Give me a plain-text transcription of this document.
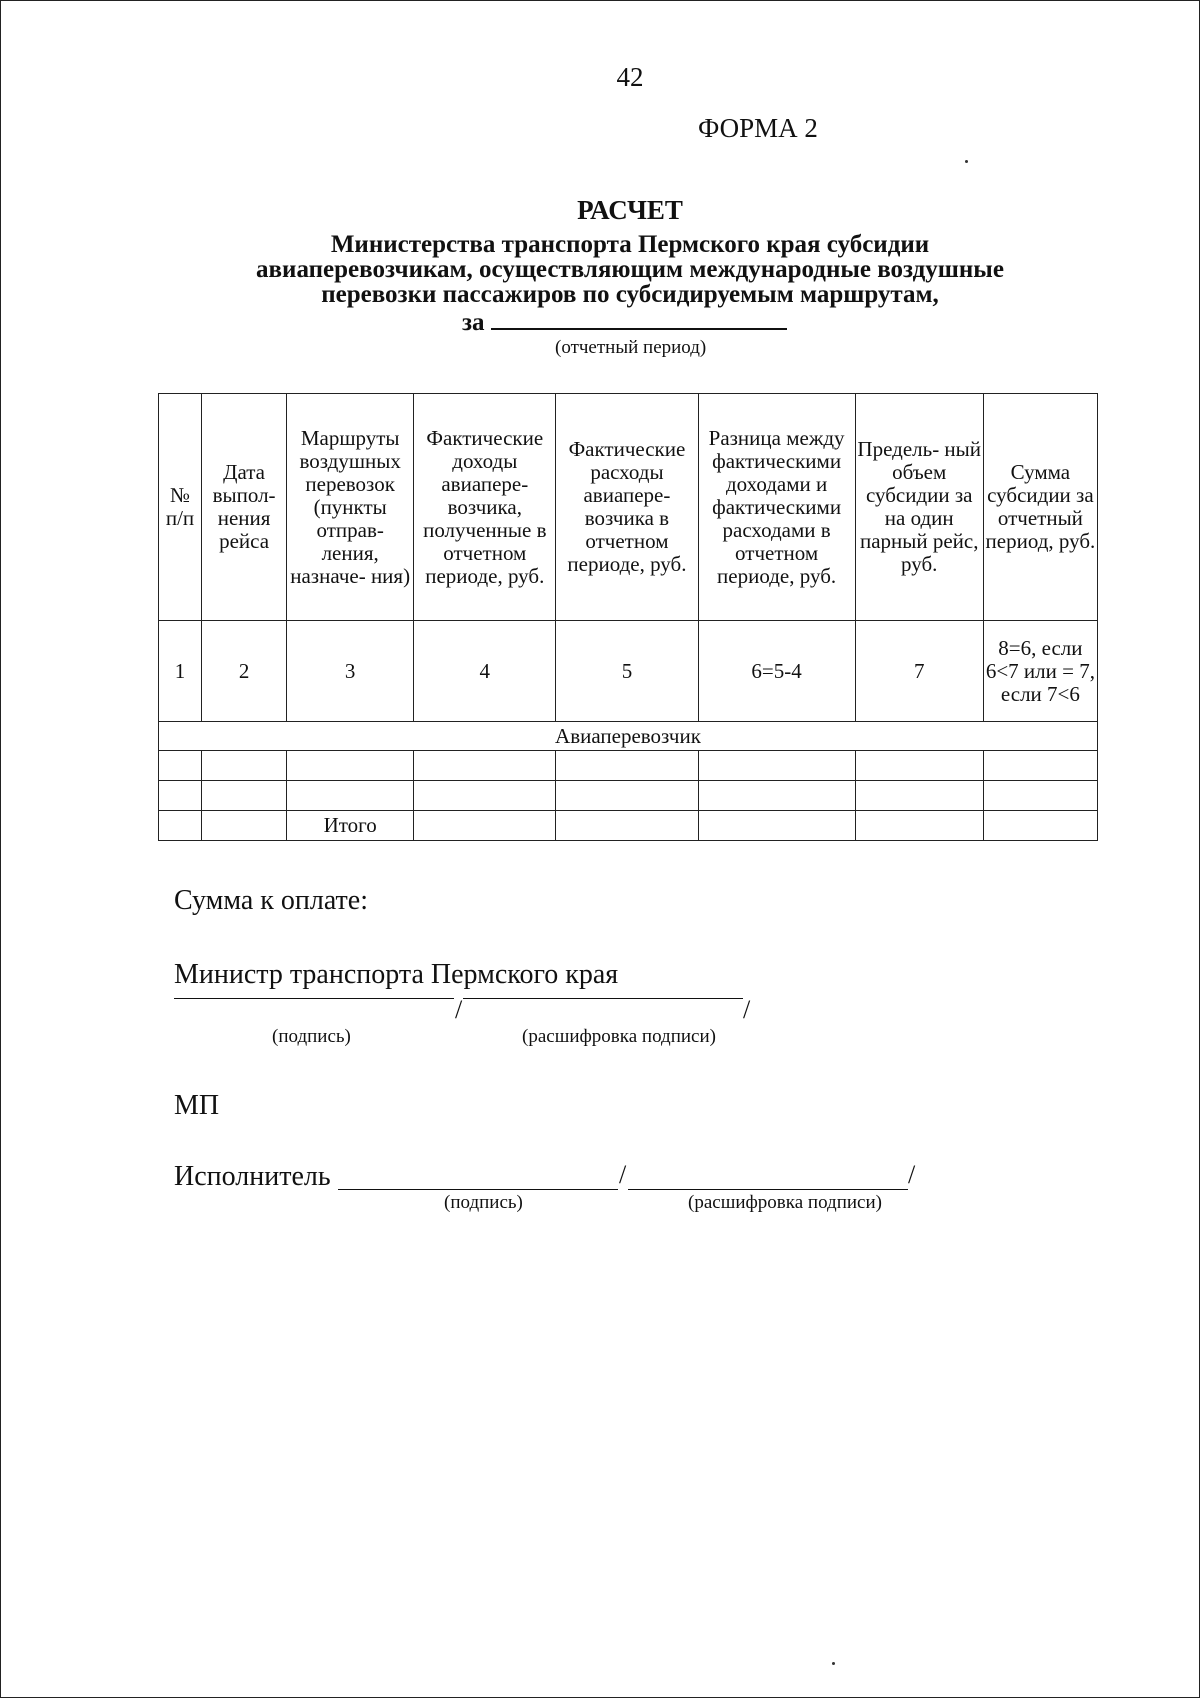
42
ФОРМА 2
РАСЧЕТ
Министерства транспорта Пермского края субсидии
авиаперевозчикам, осуществляющим международные воздушные
перевозки пассажиров по субсидируемым маршрутам,
за
(отчетный период)
№ п/п	Дата выпол- нения рейса	Маршруты воздушных перевозок (пункты отправ- ления, назначе- ния)	Фактические доходы авиапере- возчика, полученные в отчетном периоде, руб.	Фактические расходы авиапере- возчика в отчетном периоде, руб.	Разница между фактическими доходами и фактическими расходами в отчетном периоде, руб.	Предель- ный объем субсидии за на один парный рейс, руб.	Сумма субсидии за отчетный период, руб.
1	2	3	4	5	6=5-4	7	8=6, если 6<7 или = 7, если 7<6
Авиаперевозчик							

		Итого					
Сумма к оплате:
Министр транспорта Пермского края
/	/
(подпись)	(расшифровка подписи)
МП
Исполнитель	/	/
(подпись)	(расшифровка подписи)
